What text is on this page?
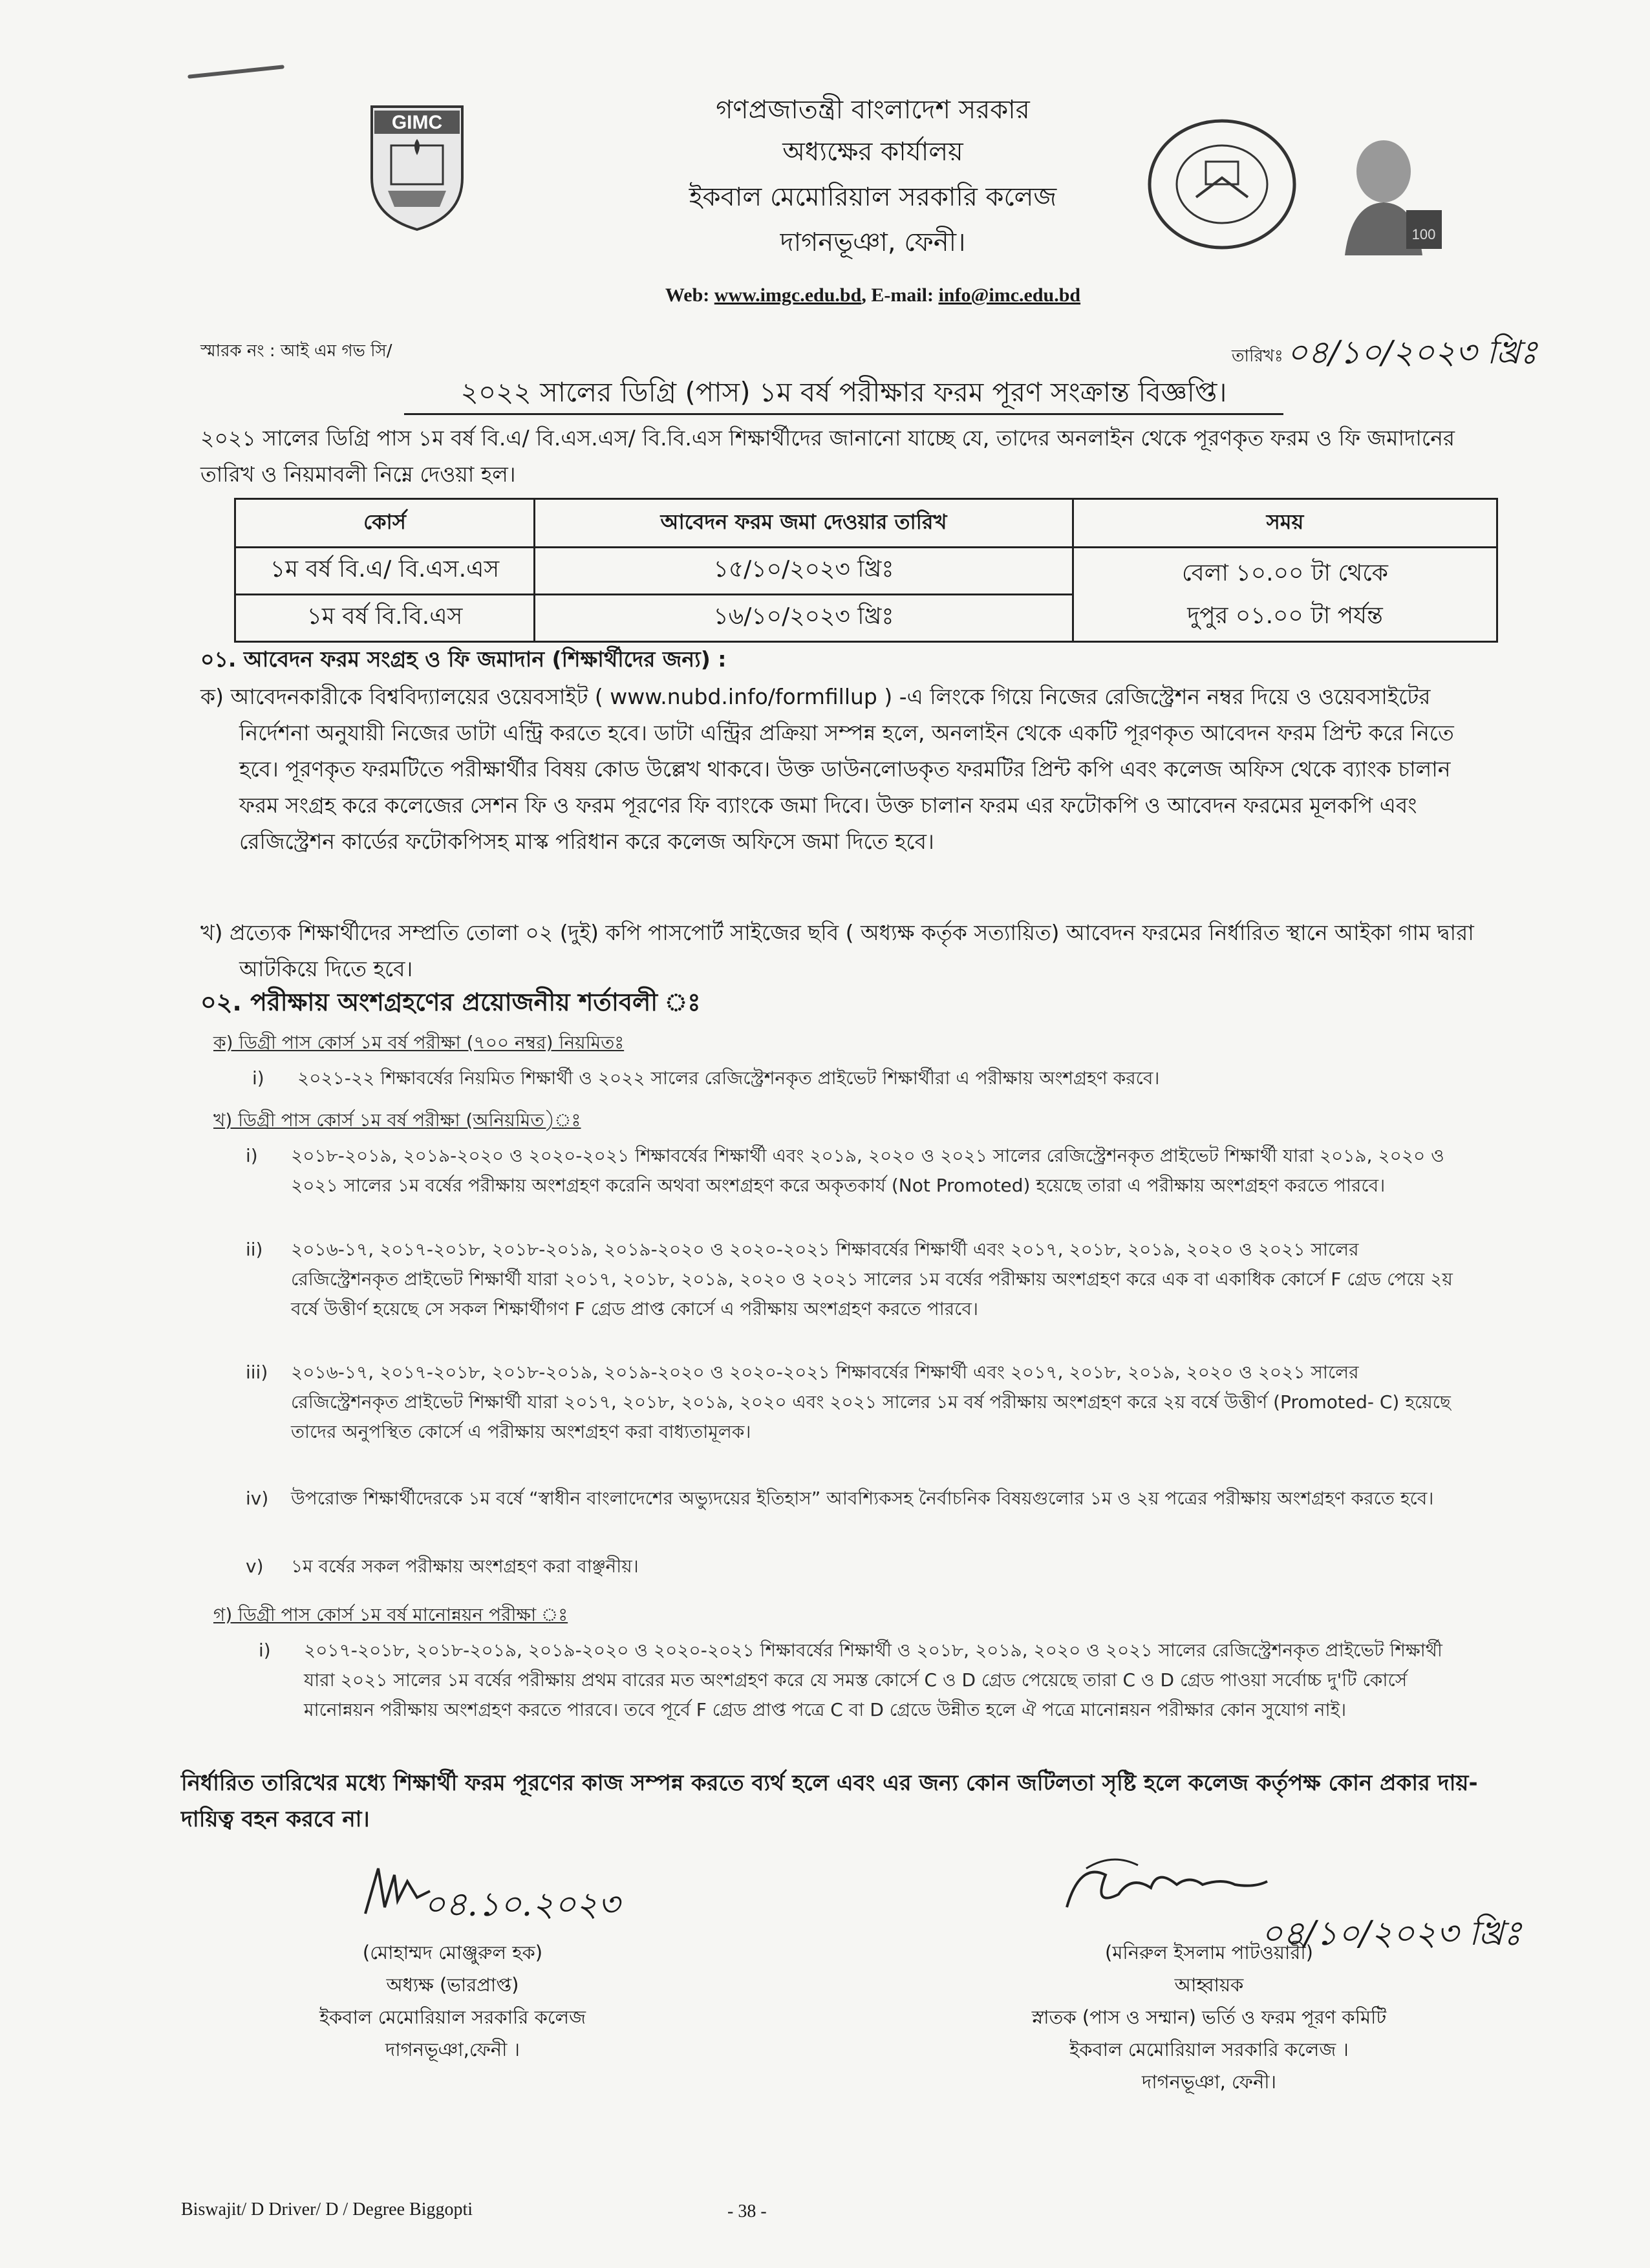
GIMC	গণপ্রজাতন্ত্রী বাংলাদেশ সরকার
অধ্যক্ষের কার্যালয়
ইকবাল মেমোরিয়াল সরকারি কলেজ
দাগনভূঞা, ফেনী।
Web: www.imgc.edu.bd, E-mail: info@imc.edu.bd
100
স্মারক নং : আই এম গভ সি/	তারিখঃ ০৪/১০/২০২৩ খ্রিঃ
২০২২ সালের ডিগ্রি (পাস) ১ম বর্ষ পরীক্ষার ফরম পূরণ সংক্রান্ত বিজ্ঞপ্তি।
২০২১ সালের ডিগ্রি পাস ১ম বর্ষ বি.এ/ বি.এস.এস/ বি.বি.এস শিক্ষার্থীদের জানানো যাচ্ছে যে, তাদের অনলাইন থেকে পূরণকৃত ফরম ও ফি জমাদানের তারিখ ও নিয়মাবলী নিম্নে দেওয়া হল।
কোর্স	আবেদন ফরম জমা দেওয়ার তারিখ	সময়
১ম বর্ষ বি.এ/ বি.এস.এস	১৫/১০/২০২৩ খ্রিঃ	বেলা ১০.০০ টা থেকে
দুপুর ০১.০০ টা পর্যন্ত

১ম বর্ষ বি.বি.এস	১৬/১০/২০২৩ খ্রিঃ	
০১. আবেদন ফরম সংগ্রহ ও ফি জমাদান (শিক্ষার্থীদের জন্য) :
ক) আবেদনকারীকে বিশ্ববিদ্যালয়ের ওয়েবসাইট ( www.nubd.info/formfillup ) -এ লিংকে গিয়ে নিজের রেজিস্ট্রেশন নম্বর দিয়ে ও ওয়েবসাইটের নির্দেশনা অনুযায়ী নিজের ডাটা এন্ট্রি করতে হবে। ডাটা এন্ট্রির প্রক্রিয়া সম্পন্ন হলে, অনলাইন থেকে একটি পূরণকৃত আবেদন ফরম প্রিন্ট করে নিতে হবে। পূরণকৃত ফরমটিতে পরীক্ষার্থীর বিষয় কোড উল্লেখ থাকবে। উক্ত ডাউনলোডকৃত ফরমটির প্রিন্ট কপি এবং কলেজ অফিস থেকে ব্যাংক চালান ফরম সংগ্রহ করে কলেজের সেশন ফি ও ফরম পূরণের ফি ব্যাংকে জমা দিবে। উক্ত চালান ফরম এর ফটোকপি ও আবেদন ফরমের মূলকপি এবং রেজিস্ট্রেশন কার্ডের ফটোকপিসহ মাস্ক পরিধান করে কলেজ অফিসে জমা দিতে হবে।
খ) প্রত্যেক শিক্ষার্থীদের সম্প্রতি তোলা ০২ (দুই) কপি পাসপোর্ট সাইজের ছবি ( অধ্যক্ষ কর্তৃক সত্যায়িত) আবেদন ফরমের নির্ধারিত স্থানে আইকা গাম দ্বারা আটকিয়ে দিতে হবে।
০২. পরীক্ষায় অংশগ্রহণের প্রয়োজনীয় শর্তাবলী ঃ
ক) ডিগ্রী পাস কোর্স ১ম বর্ষ পরীক্ষা (৭০০ নম্বর) নিয়মিতঃ
i) ২০২১-২২ শিক্ষাবর্ষের নিয়মিত শিক্ষার্থী ও ২০২২ সালের রেজিস্ট্রেশনকৃত প্রাইভেট শিক্ষার্থীরা এ পরীক্ষায় অংশগ্রহণ করবে।
খ) ডিগ্রী পাস কোর্স ১ম বর্ষ পরীক্ষা (অনিয়মিত)ঃ
i) ২০১৮-২০১৯, ২০১৯-২০২০ ও ২০২০-২০২১ শিক্ষাবর্ষের শিক্ষার্থী এবং ২০১৯, ২০২০ ও ২০২১ সালের রেজিস্ট্রেশনকৃত প্রাইভেট শিক্ষার্থী যারা ২০১৯, ২০২০ ও ২০২১ সালের ১ম বর্ষের পরীক্ষায় অংশগ্রহণ করেনি অথবা অংশগ্রহণ করে অকৃতকার্য (Not Promoted) হয়েছে তারা এ পরীক্ষায় অংশগ্রহণ করতে পারবে।
ii) ২০১৬-১৭, ২০১৭-২০১৮, ২০১৮-২০১৯, ২০১৯-২০২০ ও ২০২০-২০২১ শিক্ষাবর্ষের শিক্ষার্থী এবং ২০১৭, ২০১৮, ২০১৯, ২০২০ ও ২০২১ সালের রেজিস্ট্রেশনকৃত প্রাইভেট শিক্ষার্থী যারা ২০১৭, ২০১৮, ২০১৯, ২০২০ ও ২০২১ সালের ১ম বর্ষের পরীক্ষায় অংশগ্রহণ করে এক বা একাধিক কোর্সে F গ্রেড পেয়ে ২য় বর্ষে উত্তীর্ণ হয়েছে সে সকল শিক্ষার্থীগণ F গ্রেড প্রাপ্ত কোর্সে এ পরীক্ষায় অংশগ্রহণ করতে পারবে।
iii) ২০১৬-১৭, ২০১৭-২০১৮, ২০১৮-২০১৯, ২০১৯-২০২০ ও ২০২০-২০২১ শিক্ষাবর্ষের শিক্ষার্থী এবং ২০১৭, ২০১৮, ২০১৯, ২০২০ ও ২০২১ সালের রেজিস্ট্রেশনকৃত প্রাইভেট শিক্ষার্থী যারা ২০১৭, ২০১৮, ২০১৯, ২০২০ এবং ২০২১ সালের ১ম বর্ষ পরীক্ষায় অংশগ্রহণ করে ২য় বর্ষে উত্তীর্ণ (Promoted- C) হয়েছে তাদের অনুপস্থিত কোর্সে এ পরীক্ষায় অংশগ্রহণ করা বাধ্যতামূলক।
iv) উপরোক্ত শিক্ষার্থীদেরকে ১ম বর্ষে “স্বাধীন বাংলাদেশের অভ্যুদয়ের ইতিহাস” আবশ্যিকসহ নৈর্বাচনিক বিষয়গুলোর ১ম ও ২য় পত্রের পরীক্ষায় অংশগ্রহণ করতে হবে।
v) ১ম বর্ষের সকল পরীক্ষায় অংশগ্রহণ করা বাঞ্ছনীয়।
গ) ডিগ্রী পাস কোর্স ১ম বর্ষ মানোন্নয়ন পরীক্ষা ঃ
i) ২০১৭-২০১৮, ২০১৮-২০১৯, ২০১৯-২০২০ ও ২০২০-২০২১ শিক্ষাবর্ষের শিক্ষার্থী ও ২০১৮, ২০১৯, ২০২০ ও ২০২১ সালের রেজিস্ট্রেশনকৃত প্রাইভেট শিক্ষার্থী যারা ২০২১ সালের ১ম বর্ষের পরীক্ষায় প্রথম বারের মত অংশগ্রহণ করে যে সমস্ত কোর্সে C ও D গ্রেড পেয়েছে তারা C ও D গ্রেড পাওয়া সর্বোচ্চ দু'টি কোর্সে মানোন্নয়ন পরীক্ষায় অংশগ্রহণ করতে পারবে। তবে পূর্বে F গ্রেড প্রাপ্ত পত্রে C বা D গ্রেডে উন্নীত হলে ঐ পত্রে মানোন্নয়ন পরীক্ষার কোন সুযোগ নাই।
নির্ধারিত তারিখের মধ্যে শিক্ষার্থী ফরম পূরণের কাজ সম্পন্ন করতে ব্যর্থ হলে এবং এর জন্য কোন জটিলতা সৃষ্টি হলে কলেজ কর্তৃপক্ষ কোন প্রকার দায়-দায়িত্ব বহন করবে না।
০৪.১০.২০২৩
(মোহাম্মদ মোঞ্জুরুল হক)
অধ্যক্ষ (ভারপ্রাপ্ত)
ইকবাল মেমোরিয়াল সরকারি কলেজ
দাগনভূঞা,ফেনী ।
০৪/১০/২০২৩ খ্রিঃ
(মনিরুল ইসলাম পাটওয়ারী)
আহ্বায়ক
স্নাতক (পাস ও সম্মান) ভর্তি ও ফরম পূরণ কমিটি
ইকবাল মেমোরিয়াল সরকারি কলেজ ।
দাগনভূঞা, ফেনী।
Biswajit/ D Driver/ D / Degree Biggopti	- 38 -
